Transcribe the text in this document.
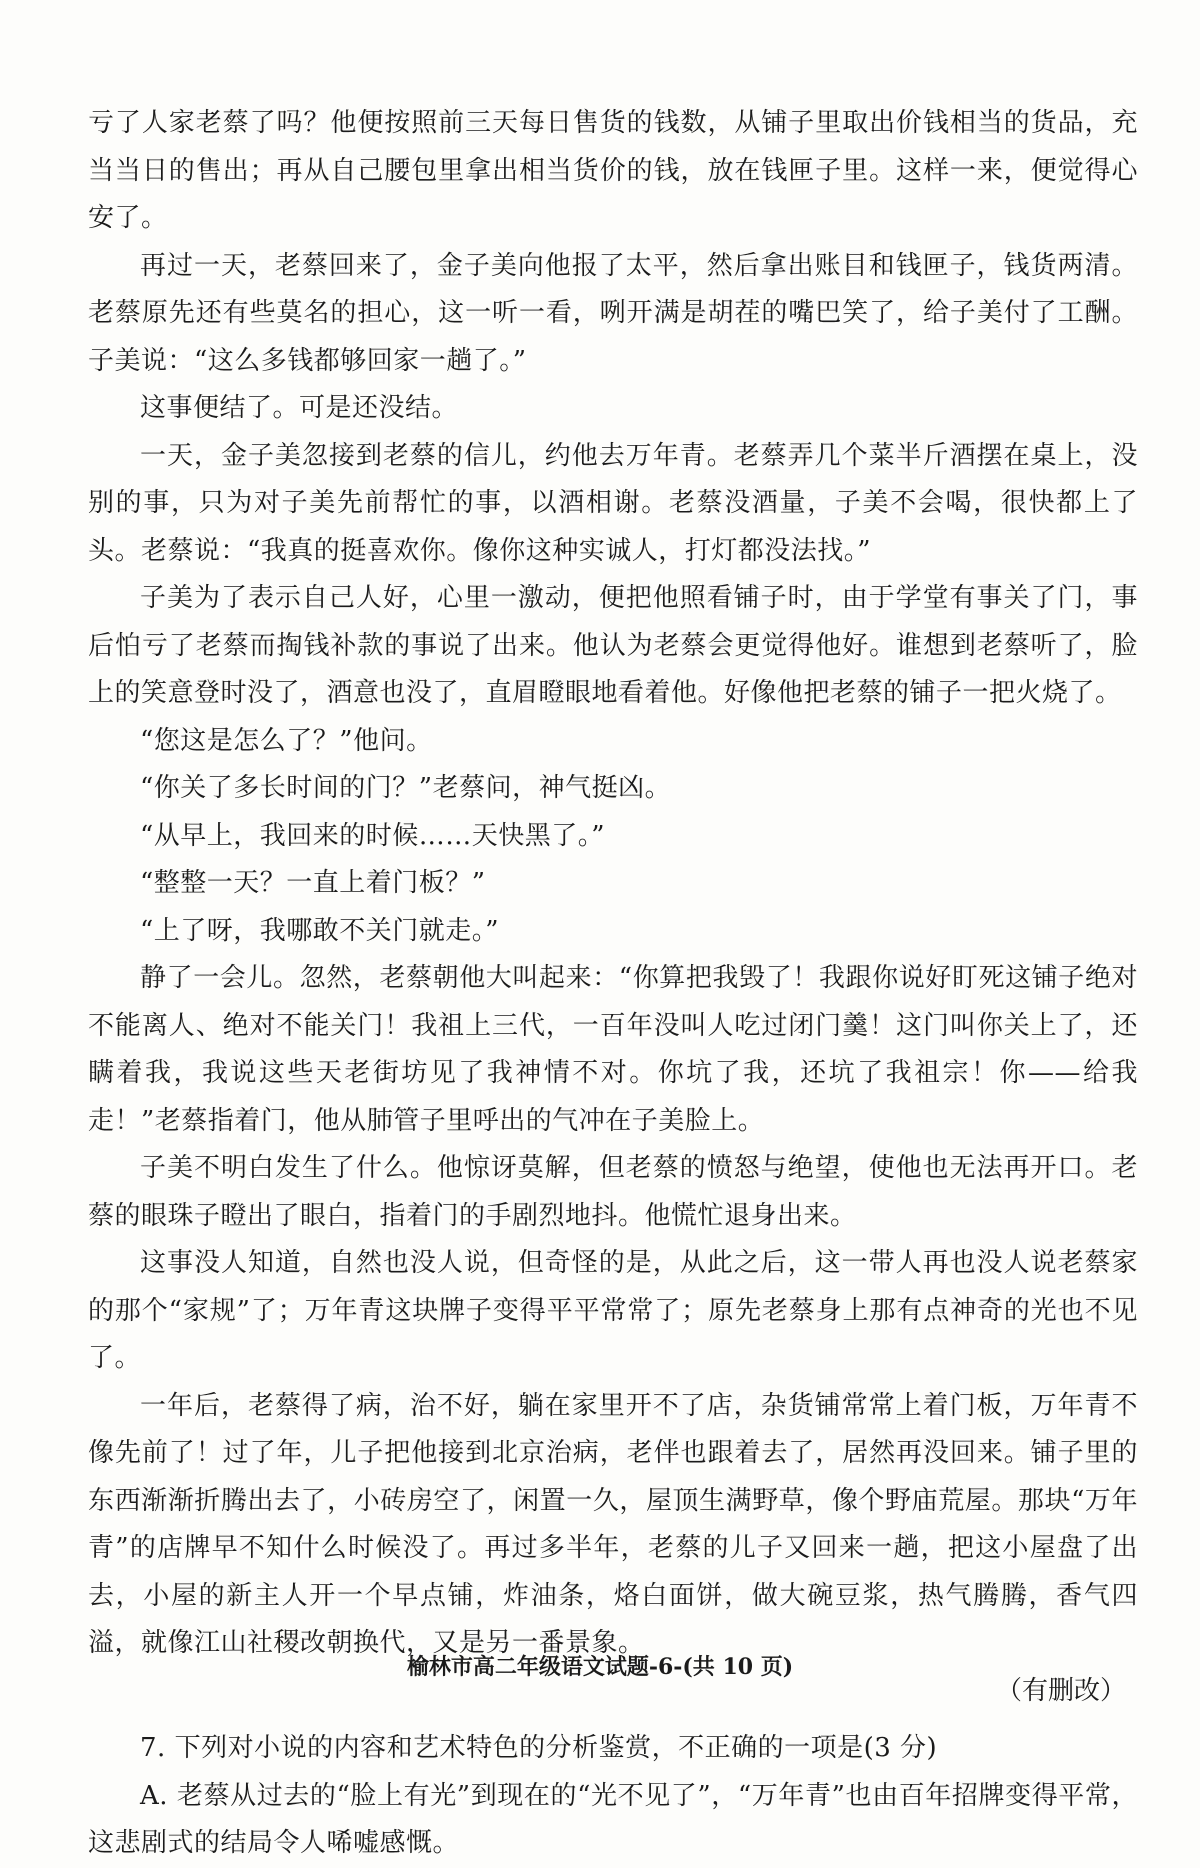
亏了人家老蔡了吗？他便按照前三天每日售货的钱数，从铺子里取出价钱相当的货品，充当当日的售出；再从自己腰包里拿出相当货价的钱，放在钱匣子里。这样一来，便觉得心安了。

再过一天，老蔡回来了，金子美向他报了太平，然后拿出账目和钱匣子，钱货两清。老蔡原先还有些莫名的担心，这一听一看，咧开满是胡茬的嘴巴笑了，给子美付了工酬。子美说：“这么多钱都够回家一趟了。”

这事便结了。可是还没结。

一天，金子美忽接到老蔡的信儿，约他去万年青。老蔡弄几个菜半斤酒摆在桌上，没别的事，只为对子美先前帮忙的事，以酒相谢。老蔡没酒量，子美不会喝，很快都上了头。老蔡说：“我真的挺喜欢你。像你这种实诚人，打灯都没法找。”

子美为了表示自己人好，心里一激动，便把他照看铺子时，由于学堂有事关了门，事后怕亏了老蔡而掏钱补款的事说了出来。他认为老蔡会更觉得他好。谁想到老蔡听了，脸上的笑意登时没了，酒意也没了，直眉瞪眼地看着他。好像他把老蔡的铺子一把火烧了。

“您这是怎么了？”他问。

“你关了多长时间的门？”老蔡问，神气挺凶。

“从早上，我回来的时候……天快黑了。”

“整整一天？一直上着门板？”

“上了呀，我哪敢不关门就走。”

静了一会儿。忽然，老蔡朝他大叫起来：“你算把我毁了！我跟你说好盯死这铺子绝对不能离人、绝对不能关门！我祖上三代，一百年没叫人吃过闭门羹！这门叫你关上了，还瞒着我，我说这些天老街坊见了我神情不对。你坑了我，还坑了我祖宗！你——给我走！”老蔡指着门，他从肺管子里呼出的气冲在子美脸上。

子美不明白发生了什么。他惊讶莫解，但老蔡的愤怒与绝望，使他也无法再开口。老蔡的眼珠子瞪出了眼白，指着门的手剧烈地抖。他慌忙退身出来。

这事没人知道，自然也没人说，但奇怪的是，从此之后，这一带人再也没人说老蔡家的那个“家规”了；万年青这块牌子变得平平常常了；原先老蔡身上那有点神奇的光也不见了。

一年后，老蔡得了病，治不好，躺在家里开不了店，杂货铺常常上着门板，万年青不像先前了！过了年，儿子把他接到北京治病，老伴也跟着去了，居然再没回来。铺子里的东西渐渐折腾出去了，小砖房空了，闲置一久，屋顶生满野草，像个野庙荒屋。那块“万年青”的店牌早不知什么时候没了。再过多半年，老蔡的儿子又回来一趟，把这小屋盘了出去，小屋的新主人开一个早点铺，炸油条，烙白面饼，做大碗豆浆，热气腾腾，香气四溢，就像江山社稷改朝换代，又是另一番景象。

（有删改）

7. 下列对小说的内容和艺术特色的分析鉴赏，不正确的一项是(3 分)

A. 老蔡从过去的“脸上有光”到现在的“光不见了”，“万年青”也由百年招牌变得平常，这悲剧式的结局令人唏嘘感慨。

榆林市高二年级语文试题-6-(共 10 页)
